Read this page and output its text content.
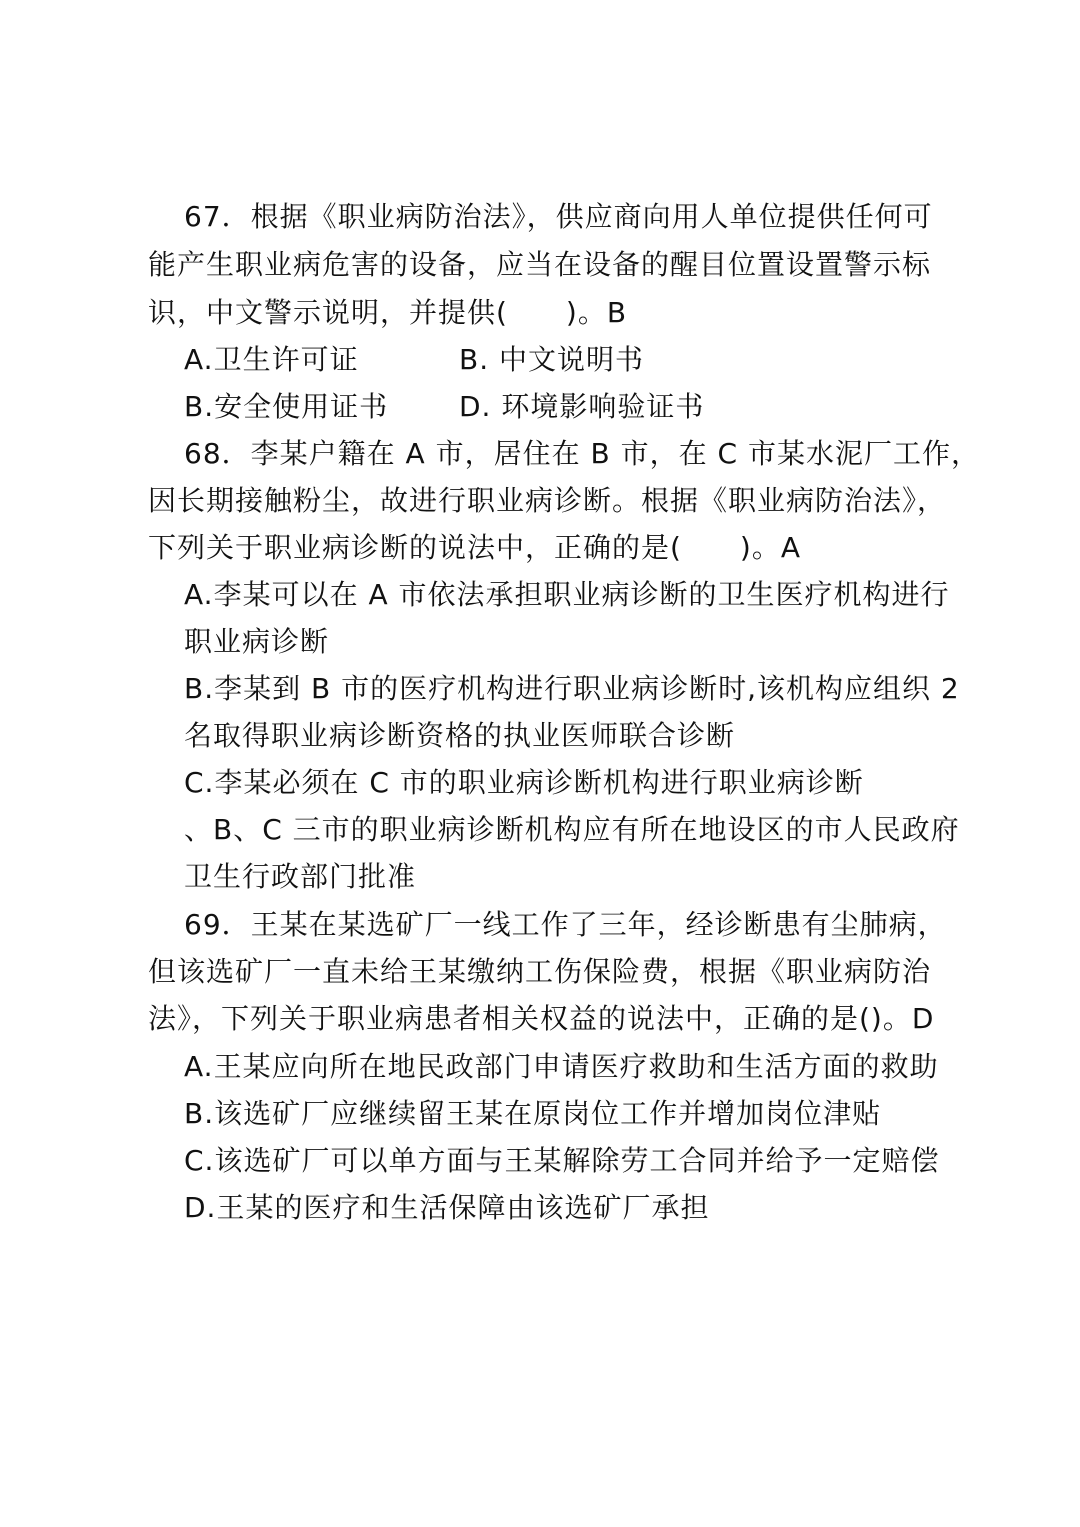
67．根据《职业病防治法》，供应商向用人单位提供任何可
能产生职业病危害的设备，应当在设备的醒目位置设置警示标
识，中文警示说明，并提供(　　)。B
A.卫生许可证	B. 中文说明书
B.安全使用证书	D. 环境影响验证书
68．李某户籍在 A 市，居住在 B 市，在 C 市某水泥厂工作，
因长期接触粉尘，故进行职业病诊断。根据《职业病防治法》，
下列关于职业病诊断的说法中，正确的是(　　)。A
A.李某可以在 A 市依法承担职业病诊断的卫生医疗机构进行
职业病诊断
B.李某到 B 市的医疗机构进行职业病诊断时,该机构应组织 2
名取得职业病诊断资格的执业医师联合诊断
C.李某必须在 C 市的职业病诊断机构进行职业病诊断
、B、C 三市的职业病诊断机构应有所在地设区的市人民政府
卫生行政部门批准
69．王某在某选矿厂一线工作了三年，经诊断患有尘肺病，
但该选矿厂一直未给王某缴纳工伤保险费，根据《职业病防治
法》，下列关于职业病患者相关权益的说法中，正确的是()。D
A.王某应向所在地民政部门申请医疗救助和生活方面的救助
B.该选矿厂应继续留王某在原岗位工作并增加岗位津贴
C.该选矿厂可以单方面与王某解除劳工合同并给予一定赔偿
D.王某的医疗和生活保障由该选矿厂承担
